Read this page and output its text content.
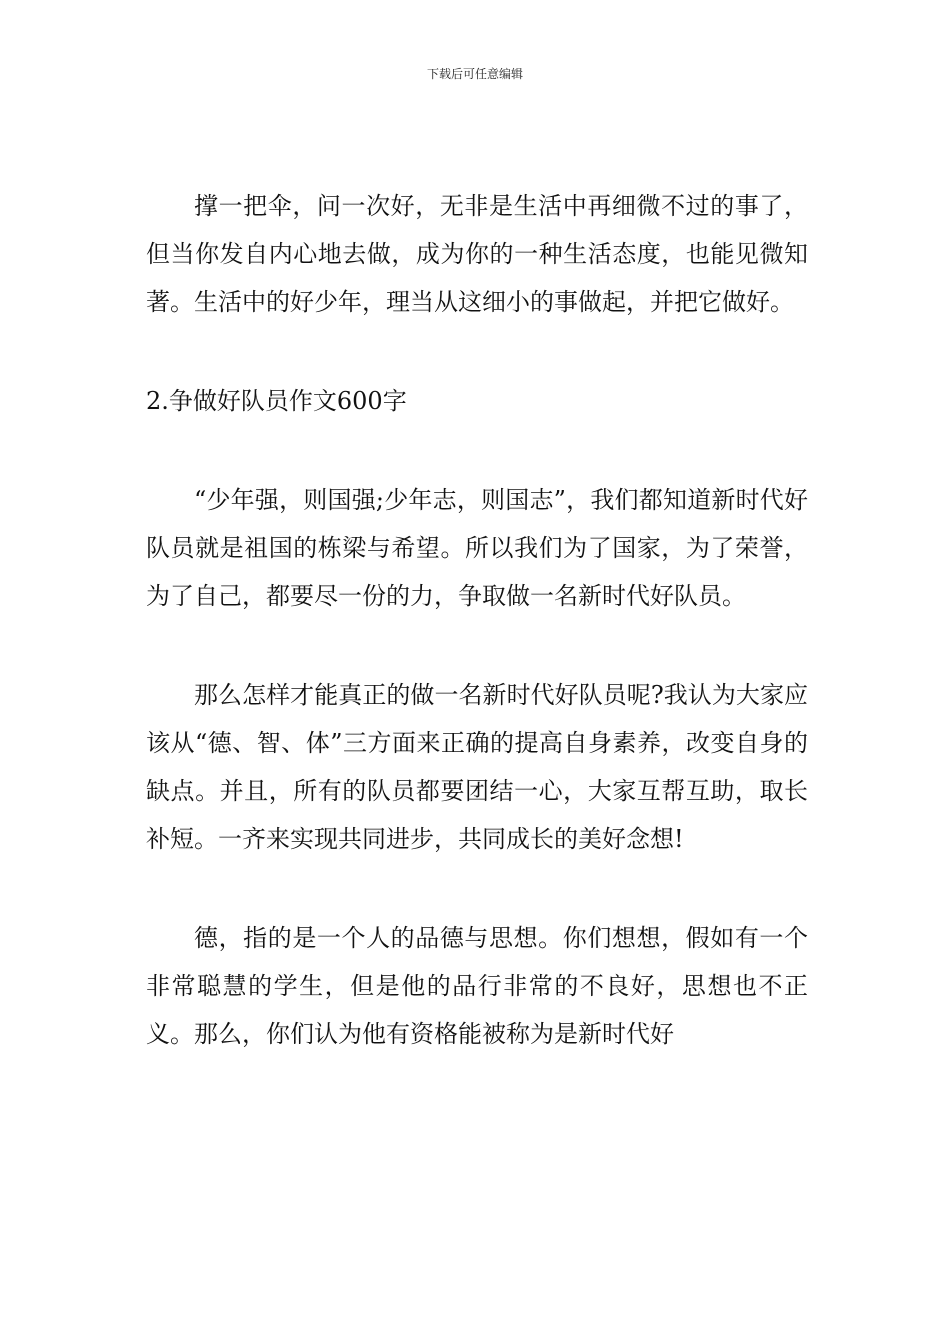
下载后可任意编辑

撑一把伞，问一次好，无非是生活中再细微不过的事了，但当你发自内心地去做，成为你的一种生活态度，也能见微知著。生活中的好少年，理当从这细小的事做起，并把它做好。

2.争做好队员作文600字

“少年强，则国强;少年志，则国志”，我们都知道新时代好队员就是祖国的栋梁与希望。所以我们为了国家，为了荣誉，为了自己，都要尽一份的力，争取做一名新时代好队员。

那么怎样才能真正的做一名新时代好队员呢?我认为大家应该从“德、智、体”三方面来正确的提高自身素养，改变自身的缺点。并且，所有的队员都要团结一心，大家互帮互助，取长补短。一齐来实现共同进步，共同成长的美好念想!

德，指的是一个人的品德与思想。你们想想，假如有一个非常聪慧的学生，但是他的品行非常的不良好，思想也不正义。那么，你们认为他有资格能被称为是新时代好
